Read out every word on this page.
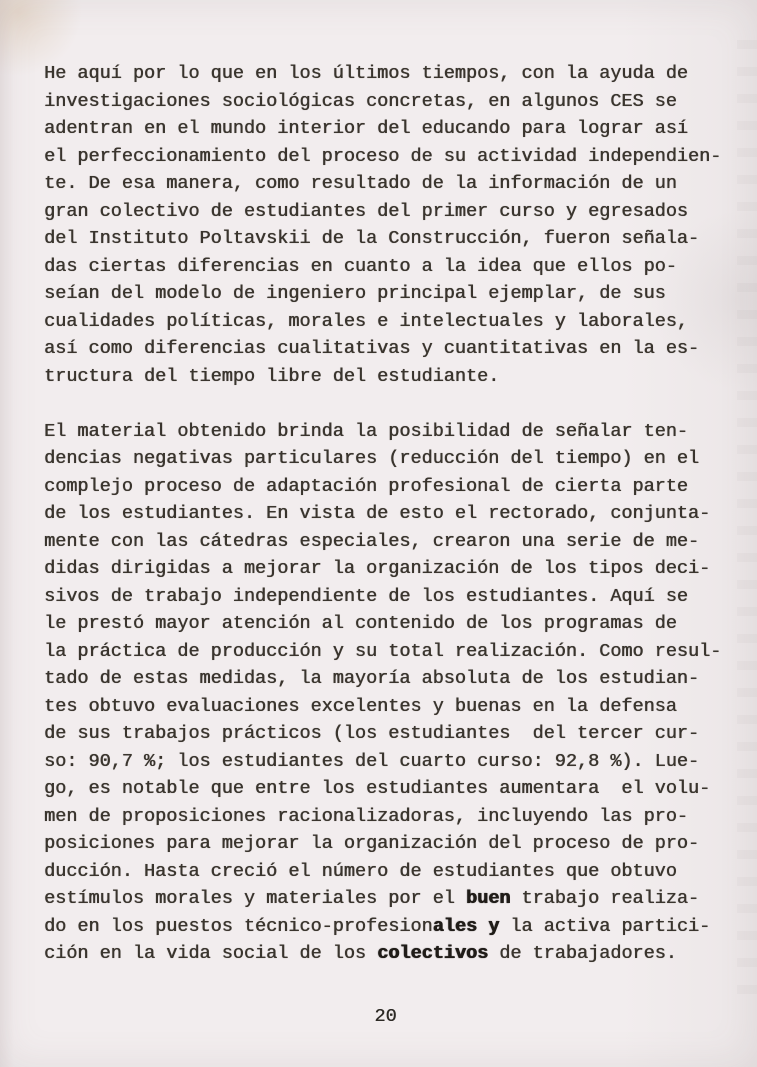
He aquí por lo que en los últimos tiempos, con la ayuda de
investigaciones sociológicas concretas, en algunos CES se
adentran en el mundo interior del educando para lograr así
el perfeccionamiento del proceso de su actividad independien-
te. De esa manera, como resultado de la información de un
gran colectivo de estudiantes del primer curso y egresados
del Instituto Poltavskii de la Construcción, fueron señala-
das ciertas diferencias en cuanto a la idea que ellos po-
seían del modelo de ingeniero principal ejemplar, de sus
cualidades políticas, morales e intelectuales y laborales,
así como diferencias cualitativas y cuantitativas en la es-
tructura del tiempo libre del estudiante.
El material obtenido brinda la posibilidad de señalar ten-
dencias negativas particulares (reducción del tiempo) en el
complejo proceso de adaptación profesional de cierta parte
de los estudiantes. En vista de esto el rectorado, conjunta-
mente con las cátedras especiales, crearon una serie de me-
didas dirigidas a mejorar la organización de los tipos deci-
sivos de trabajo independiente de los estudiantes. Aquí se
le prestó mayor atención al contenido de los programas de
la práctica de producción y su total realización. Como resul-
tado de estas medidas, la mayoría absoluta de los estudian-
tes obtuvo evaluaciones excelentes y buenas en la defensa
de sus trabajos prácticos (los estudiantes  del tercer cur-
so: 90,7 %; los estudiantes del cuarto curso: 92,8 %). Lue-
go, es notable que entre los estudiantes aumentara  el volu-
men de proposiciones racionalizadoras, incluyendo las pro-
posiciones para mejorar la organización del proceso de pro-
ducción. Hasta creció el número de estudiantes que obtuvo
estímulos morales y materiales por el buen trabajo realiza-
do en los puestos técnico-profesionales y la activa partici-
ción en la vida social de los colectivos de trabajadores.
20
